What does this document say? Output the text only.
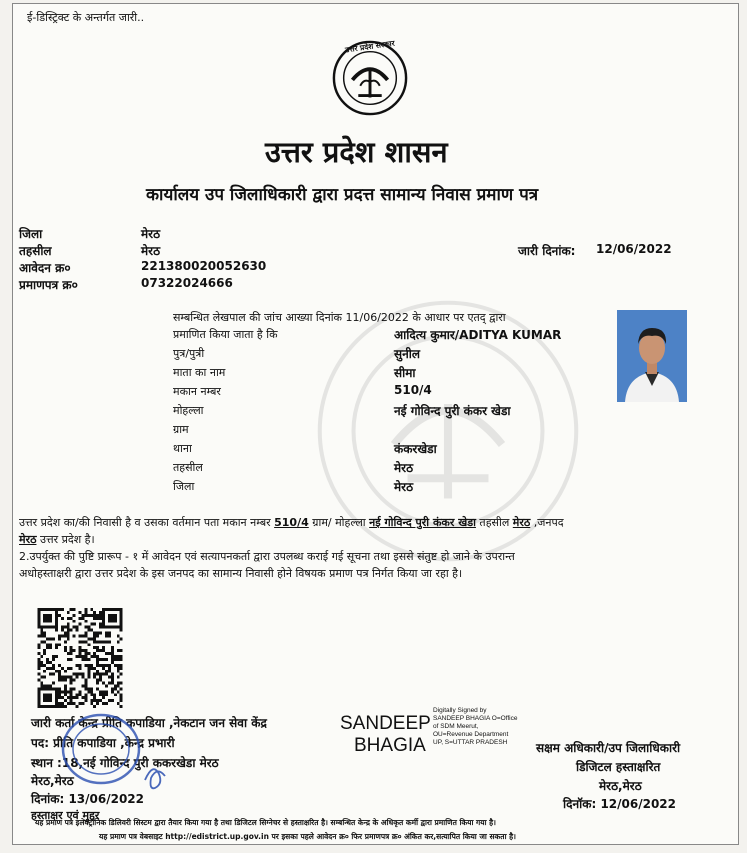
ई-डिस्ट्रिक्ट के अन्तर्गत जारी..
उत्तर प्रदेश सरकार
उत्तर प्रदेश शासन
कार्यालय उप जिलाधिकारी द्वारा प्रदत्त सामान्य निवास प्रमाण पत्र
जिला	मेरठ
तहसील	मेरठ
आवेदन क्र०	221380020052630
प्रमाणपत्र क्र०	07322024666
जारी दिनांक: 12/06/2022
सम्बन्धित लेखपाल की जांच आख्या दिनांक 11/06/2022 के आधार पर एतद् द्वारा
प्रमाणित किया जाता है कि	आदित्य कुमार/ADITYA KUMAR
पुत्र/पुत्री	सुनील
माता का नाम	सीमा
मकान नम्बर	510/4
मोहल्ला	नई गोविन्द पुरी कंकर खेडा
ग्राम
थाना	कंकरखेडा
तहसील	मेरठ
जिला	मेरठ
उत्तर प्रदेश का/की निवासी है व उसका वर्तमान पता मकान नम्बर 510/4 ग्राम/ मोहल्ला नई गोविन्द पुरी कंकर खेडा तहसील मेरठ ,जनपद
मेरठ उत्तर प्रदेश है।
2.उपर्युक्त की पुष्टि प्रारूप - १ में आवेदन एवं सत्यापनकर्ता द्वारा उपलब्ध कराई गई सूचना तथा इससे संतुष्ट हो जाने के उपरान्त
अधोहस्ताक्षरी द्वारा उत्तर प्रदेश के इस जनपद का सामान्य निवासी होने विषयक प्रमाण पत्र निर्गत किया जा रहा है।
जारी कर्ता केन्द्र प्रीति कपाडिया ,नेकटान जन सेवा केंद्र
पद: प्रीति कपाडिया ,केन्द्र प्रभारी
स्थान :18,नई गोविन्द पुरी ककरखेडा मेरठ
मेरठ,मेरठ
दिनांक: 13/06/2022
हस्ताक्षर एवं मुहर
SANDEEP
BHAGIA
Digitally Signed by
SANDEEP BHAGIA O=Office
of SDM Meerut,
OU=Revenue Department
UP, S=UTTAR PRADESH	सक्षम अधिकारी/उप जिलाधिकारी
डिजिटल हस्ताक्षरित
मेरठ,मेरठ
दिनॉक: 12/06/2022
यह प्रमाण पत्र इलेक्ट्रॉनिक डिलिवरी सिस्टम द्वारा तैयार किया गया है तथा डिजिटल सिग्नेचर से हस्ताक्षरित है। सम्बन्धित केन्द्र के अधिकृत कर्मी द्वारा प्रमाणित किया गया है।
यह प्रमाण पत्र वेबसाइट http://edistrict.up.gov.in पर इसका पहले आवेदन क्र० फिर प्रमाणपत्र क्र० अंकित कर,सत्यापित किया जा सकता है।
